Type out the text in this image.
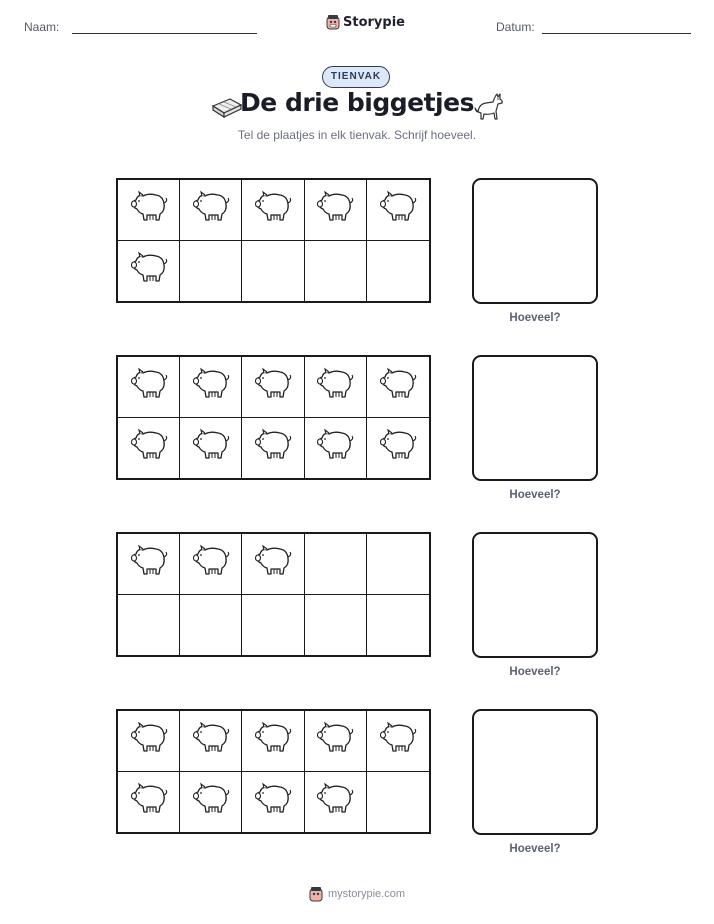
Naam:	Storypie	Datum:
TIENVAK
De drie biggetjes
Tel de plaatjes in elk tienvak. Schrijf hoeveel.
Hoeveel?
Hoeveel?
Hoeveel?
Hoeveel?
mystorypie.com
